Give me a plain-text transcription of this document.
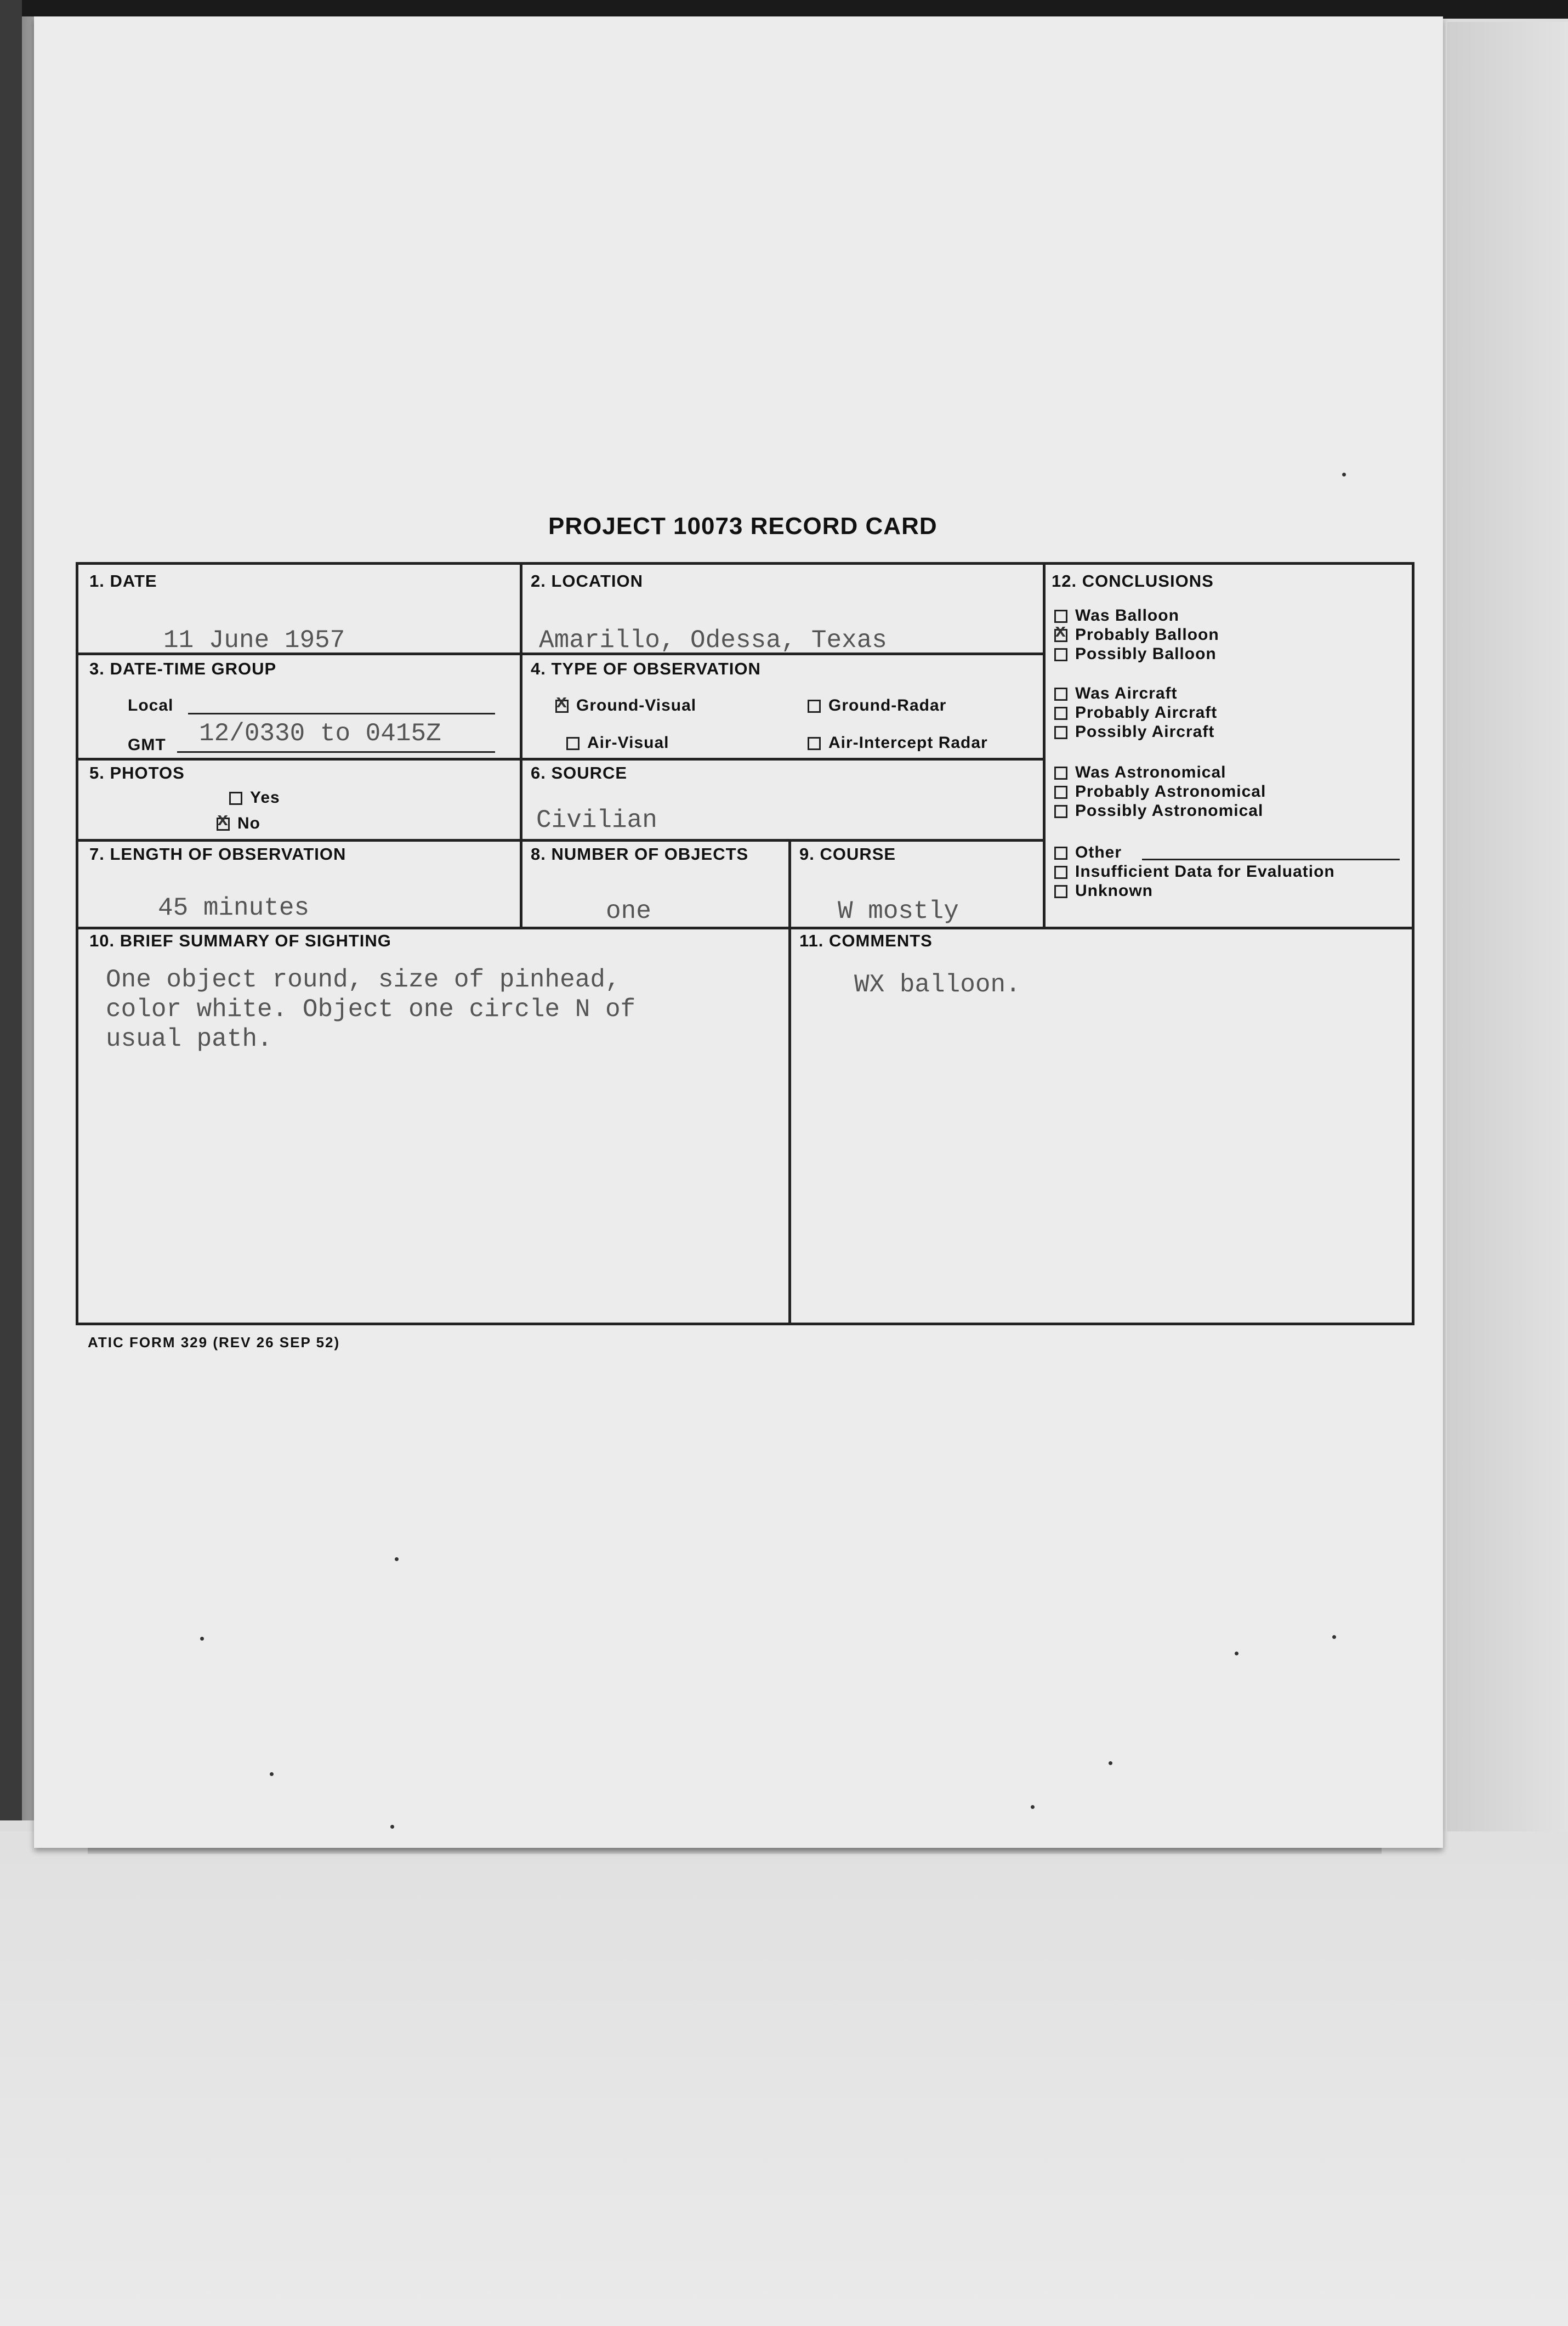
PROJECT 10073 RECORD CARD
1. DATE
11 June 1957
2. LOCATION
Amarillo, Odessa, Texas
3. DATE-TIME GROUP
Local
GMT 12/0330 to 0415Z
4. TYPE OF OBSERVATION
xGround-Visual	Ground-Radar
Air-Visual	Air-Intercept Radar
5. PHOTOS
Yes
xNo
6. SOURCE
Civilian
7. LENGTH OF OBSERVATION
45 minutes
8. NUMBER OF OBJECTS
one
9. COURSE
W mostly
10. BRIEF SUMMARY OF SIGHTING
One object round, size of pinhead,
color white. Object one circle N of
usual path.
11. COMMENTS
WX balloon.
12. CONCLUSIONS
Was Balloon
xProbably Balloon
Possibly Balloon
Was Aircraft
Probably Aircraft
Possibly Aircraft
Was Astronomical
Probably Astronomical
Possibly Astronomical
Other
Insufficient Data for Evaluation
Unknown
ATIC FORM 329 (REV 26 SEP 52)
